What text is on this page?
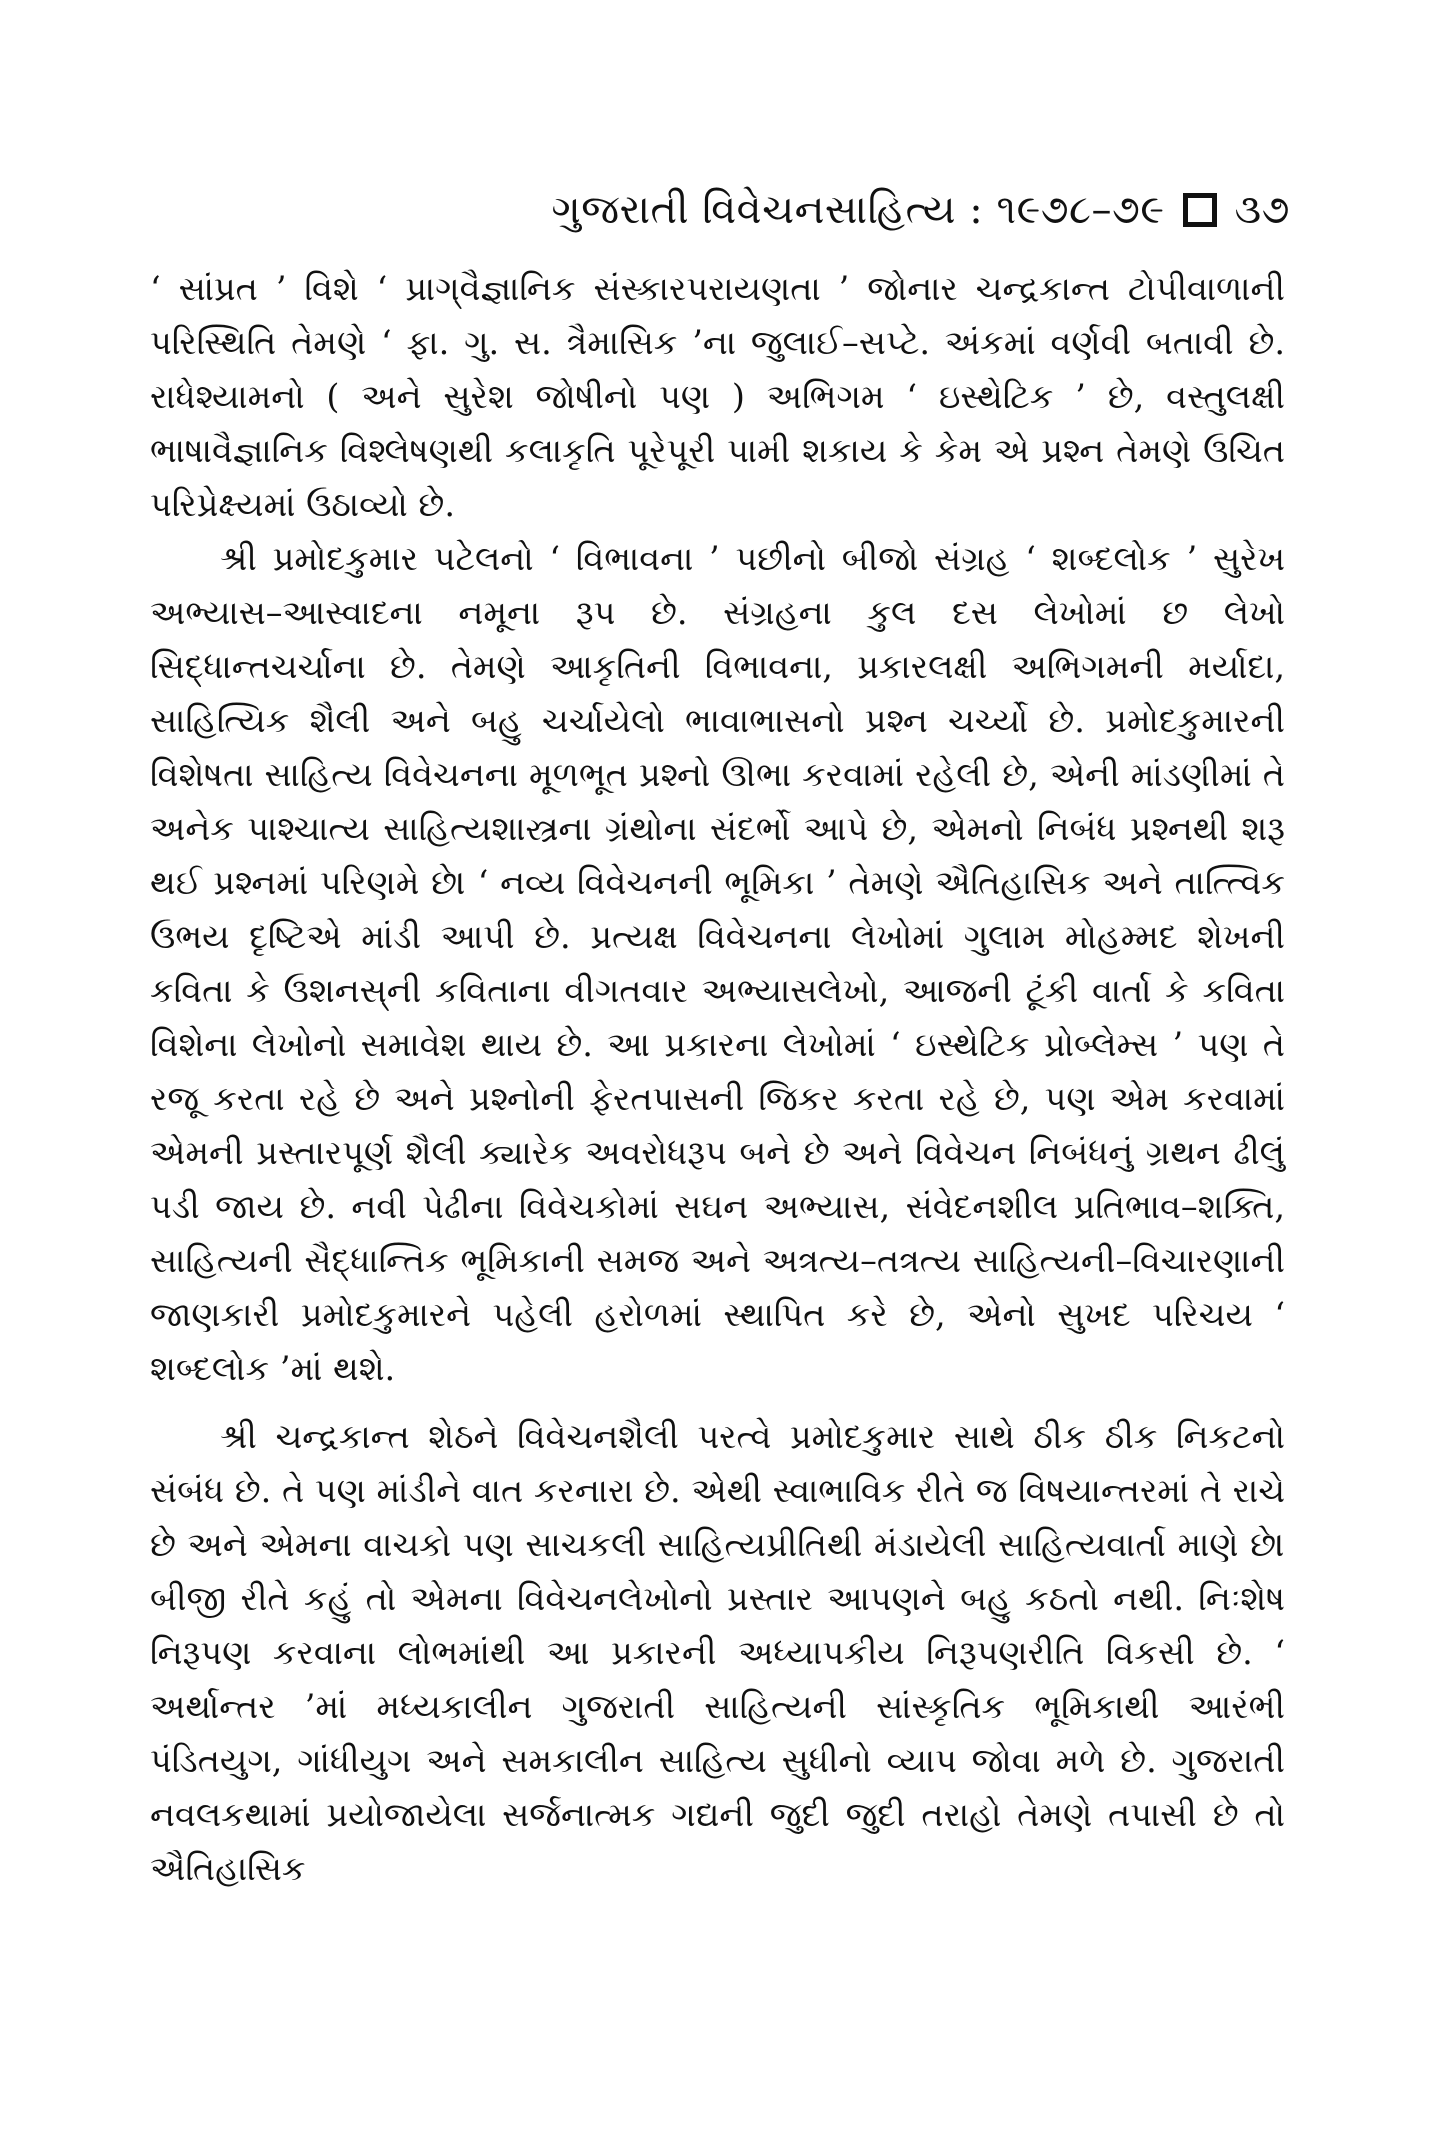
ગુજરાતી વિવેચનસાહિત્ય : ૧૯૭૮–૭૯ ૩૭

‘ સાંપ્રત ’ વિશે ‘ પ્રાગ્‌વૈજ્ઞાનિક સંસ્કારપરાયણતા ’ જોનાર ચન્દ્રકાન્ત ટોપીવાળાની પરિસ્થિતિ તેમણે ‘ ફા. ગુ. સ. ત્રૈમાસિક ’ના જુલાઈ–સપ્ટે. અંકમાં વર્ણવી બતાવી છે. રાધેશ્યામનો ( અને સુરેશ જોષીનો પણ ) અભિગમ ‘ ઇસ્થેટિક ’ છે, વસ્તુલક્ષી ભાષાવૈજ્ઞાનિક વિશ્લેષણથી કલાકૃતિ પૂરેપૂરી પામી શકાય કે કેમ એ પ્રશ્ન તેમણે ઉચિત પરિપ્રેક્ષ્યમાં ઉઠાવ્યો છે.

શ્રી પ્રમોદકુમાર પટેલનો ‘ વિભાવના ’ પછીનો બીજો સંગ્રહ ‘ શબ્દલોક ’ સુરેખ અભ્યાસ–આસ્વાદના નમૂના રૂપ છે. સંગ્રહના કુલ દસ લેખોમાં છ લેખો સિદ્ધાન્તચર્ચાના છે. તેમણે આકૃતિની વિભાવના, પ્રકારલક્ષી અભિગમની મર્યાદા, સાહિત્યિક શૈલી અને બહુ ચર્ચાયેલો ભાવાભાસનો પ્રશ્ન ચર્ચ્યો છે. પ્રમોદકુમારની વિશેષતા સાહિત્ય વિવેચનના મૂળભૂત પ્રશ્નો ઊભા કરવામાં રહેલી છે, એની માંડણીમાં તે અનેક પાશ્ચાત્ય સાહિત્યશાસ્ત્રના ગ્રંથોના સંદર્ભો આપે છે, એમનો નિબંધ પ્રશ્નથી શરૂ થઈ પ્રશ્નમાં પરિણમે છે। ‘ નવ્ય વિવેચનની ભૂમિકા ’ તેમણે ઐતિહાસિક અને તાત્ત્વિક ઉભય દૃષ્ટિએ માંડી આપી છે. પ્રત્યક્ષ વિવેચનના લેખોમાં ગુલામ મોહમ્મદ શેખની કવિતા કે ઉશનસ્‌ની કવિતાના વીગતવાર અભ્યાસલેખો, આજની ટૂંકી વાર્તા કે કવિતા વિશેના લેખોનો સમાવેશ થાય છે. આ પ્રકારના લેખોમાં ‘ ઇસ્થેટિક પ્રોબ્લેમ્સ ’ પણ તે રજૂ કરતા રહે છે અને પ્રશ્નોની ફેરતપાસની જિકર કરતા રહે છે, પણ એમ કરવામાં એમની પ્રસ્તારપૂર્ણ શૈલી ક્યારેક અવરોધરૂપ બને છે અને વિવેચન નિબંધનું ગ્રથન ઢીલું પડી જાય છે. નવી પેઢીના વિવેચકોમાં સઘન અભ્યાસ, સંવેદનશીલ પ્રતિભાવ–શક્તિ, સાહિત્યની સૈદ્ધાન્તિક ભૂમિકાની સમજ અને અત્રત્ય–તત્રત્ય સાહિત્યની–વિચારણાની જાણકારી પ્રમોદકુમારને પહેલી હરોળમાં સ્થાપિત કરે છે, એનો સુખદ પરિચય ‘ શબ્દલોક ’માં થશે.

શ્રી ચન્દ્રકાન્ત શેઠને વિવેચનશૈલી પરત્વે પ્રમોદકુમાર સાથે ઠીક ઠીક નિકટનો સંબંધ છે. તે પણ માંડીને વાત કરનારા છે. એથી સ્વાભાવિક રીતે જ વિષયાન્તરમાં તે રાચે છે અને એમના વાચકો પણ સાચકલી સાહિત્યપ્રીતિથી મંડાયેલી સાહિત્યવાર્તા માણે છે। બીજી રીતે કહું તો એમના વિવેચનલેખોનો પ્રસ્તાર આપણને બહુ કઠતો નથી. નિઃશેષ નિરૂપણ કરવાના લોભમાંથી આ પ્રકારની અધ્યાપકીય નિરૂપણરીતિ વિકસી છે. ‘ અર્થાન્તર ’માં મધ્યકાલીન ગુજરાતી સાહિત્યની સાંસ્કૃતિક ભૂમિકાથી આરંભી પંડિતયુગ, ગાંધીયુગ અને સમકાલીન સાહિત્ય સુધીનો વ્યાપ જોવા મળે છે. ગુજરાતી નવલકથામાં પ્રયોજાયેલા સર્જનાત્મક ગદ્યની જુદી જુદી તરાહો તેમણે તપાસી છે તો ઐતિહાસિક
